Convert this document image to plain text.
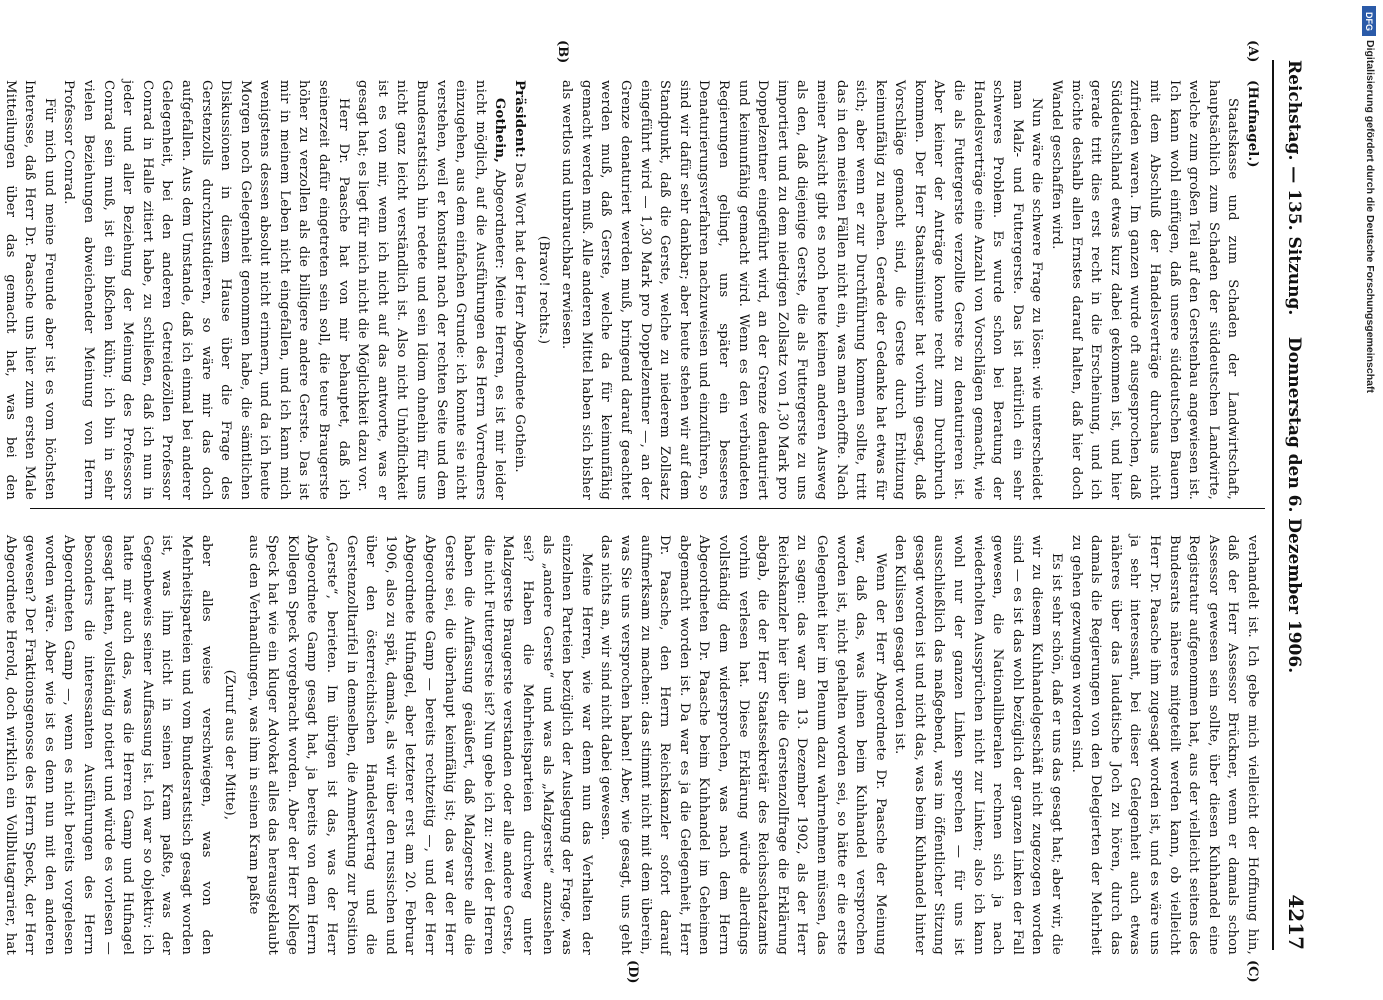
Reichstag. — 135. Sitzung.
Donnerstag den 6. Dezember 1906.
4217
(A)
(B)
(C)
(D)

(Hufnagel.)

Staatskasse und zum Schaden der Landwirtschaft, hauptsächlich zum Schaden der süddeutschen Landwirte, welche zum großen Teil auf den Gerstenbau angewiesen ist. Ich kann wohl einfügen, daß unsere süddeutschen Bauern mit dem Abschluß der Handelsverträge durchaus nicht zufrieden waren. Im ganzen wurde oft ausgesprochen, daß Süddeutschland etwas kurz dabei gekommen ist, und hier gerade tritt dies erst recht in die Erscheinung, und ich möchte deshalb allen Ernstes darauf halten, daß hier doch Wandel geschaffen wird.

Nun wäre die schwere Frage zu lösen: wie unterscheidet man Malz- und Futtergerste. Das ist natürlich ein sehr schweres Problem. Es wurde schon bei Beratung der Handelsverträge eine Anzahl von Vorschlägen gemacht, wie die als Futtergerste verzollte Gerste zu denaturieren ist. Aber keiner der Anträge konnte recht zum Durchbruch kommen. Der Herr Staatsminister hat vorhin gesagt, daß Vorschläge gemacht sind, die Gerste durch Erhitzung keimunfähig zu machen. Gerade der Gedanke hat etwas für sich; aber wenn er zur Durchführung kommen sollte, tritt das in den meisten Fällen nicht ein, was man erhoffte. Nach meiner Ansicht gibt es noch heute keinen anderen Ausweg als den, daß diejenige Gerste, die als Futtergerste zu uns importiert und zu dem niedrigen Zollsatz von 1,30 Mark pro Doppelzentner eingeführt wird, an der Grenze denaturiert und keimunfähig gemacht wird. Wenn es den verbündeten Regierungen gelingt, uns später ein besseres Denaturierungsverfahren nachzuweisen und einzuführen, so sind wir dafür sehr dankbar; aber heute stehen wir auf dem Standpunkt, daß die Gerste, welche zu niederem Zollsatz eingeführt wird — 1,30 Mark pro Doppelzentner —, an der Grenze denaturiert werden muß, bringend darauf geachtet werden muß, daß Gerste, welche da für keimunfähig gemacht werden muß. Alle anderen Mittel haben sich bisher als wertlos und unbrauchbar erwiesen.

(Bravo! rechts.)

Präsident: Das Wort hat der Herr Abgeordnete Gothein.

Gothein, Abgeordneter: Meine Herren, es ist mir leider nicht möglich, auf die Ausführungen des Herrn Vorredners einzugehen, aus dem einfachen Grunde: ich konnte sie nicht verstehen, weil er konstant nach der rechten Seite und dem Bundesratstisch hin redete und sein Idiom ohnehin für uns nicht ganz leicht verständlich ist. Also nicht Unhöflichkeit ist es von mir, wenn ich nicht auf das antworte, was er gesagt hat; es liegt für mich nicht die Möglichkeit dazu vor.

Herr Dr. Paasche hat von mir behauptet, daß ich seinerzeit dafür eingetreten sein soll, die teure Braugerste höher zu verzollen als die billigere andere Gerste. Das ist mir in meinem Leben nicht eingefallen, und ich kann mich wenigstens dessen absolut nicht erinnern, und da ich heute Morgen noch Gelegenheit genommen habe, die sämtlichen Diskussionen in diesem Hause über die Frage des Gerstenzolls durchzustudieren, so wäre mir das doch aufgefallen. Aus dem Umstande, daß ich einmal bei anderer Gelegenheit, bei den anderen Getreidezöllen Professor Conrad in Halle zitiert habe, zu schließen, daß ich nun in jeder und aller Beziehung der Meinung des Professors Conrad sein muß, ist ein bißchen kühn; ich bin in sehr vielen Beziehungen abweichender Meinung von Herrn Professor Conrad.

Für mich und meine Freunde aber ist es vom höchsten Interesse, daß Herr Dr. Paasche uns hier zum ersten Male Mitteilungen über das gemacht hat, was bei den

verhandelt ist. Ich gebe mich vielleicht der Hoffnung hin, daß der Herr Assessor Brückner, wenn er damals schon Assessor gewesen sein sollte, über diesen Kuhhandel eine Registratur aufgenommen hat, aus der vielleicht seitens des Bundesrats näheres mitgeteilt werden kann, ob vielleicht Herr Dr. Paasche ihm zugesagt worden ist, und es wäre uns ja sehr interessant, bei dieser Gelegenheit auch etwas näheres über das laudatische Joch zu hören, durch das damals die Regierungen von den Delegierten der Mehrheit zu gehen gezwungen worden sind.

Es ist sehr schön, daß er uns das gesagt hat; aber wir, die wir zu diesem Kuhhandelgeschäft nicht zugezogen worden sind — es ist das wohl bezüglich der ganzen Linken der Fall gewesen, die Nationalliberalen rechnen sich ja nach wiederholten Aussprüchen nicht zur Linken; also ich kann wohl nur der ganzen Linken sprechen — für uns ist ausschließlich das maßgebend, was im öffentlicher Sitzung gesagt worden ist und nicht das, was beim Kuhhandel hinter den Kulissen gesagt worden ist.

Wenn der Herr Abgeordnete Dr. Paasche der Meinung war, daß das, was ihnen beim Kuhhandel versprochen worden ist, nicht gehalten worden sei, so hätte er die erste Gelegenheit hier im Plenum dazu wahrnehmen müssen, das zu sagen: das war am 13. Dezember 1902, als der Herr Reichskanzler hier über die Gerstenzollfrage die Erklärung abgab, die der Herr Staatssekretär des Reichsschatzamts vorhin verlesen hat. Diese Erklärung würde allerdings vollständig dem widersprochen, was nach dem Herrn Abgeordneten Dr. Paasche beim Kuhhandel im Geheimen abgemacht worden ist. Da war es ja die Gelegenheit, Herr Dr. Paasche, den Herrn Reichskanzler sofort darauf aufmerksam zu machen: das stimmt nicht mit dem überein, was Sie uns versprochen haben! Aber, wie gesagt, uns geht das nichts an, wir sind nicht dabei gewesen.

Meine Herren, wie war denn nun das Verhalten der einzelnen Parteien bezüglich der Auslegung der Frage, was als „andere Gerste“ und was als „Malzgerste“ anzusehen sei? Haben die Mehrheitsparteien durchweg unter Malzgerste Braugerste verstanden oder alle andere Gerste, die nicht Futtergerste ist? Nun gebe ich zu: zwei der Herren haben die Auffassung geäußert, daß Malzgerste alle die Gerste sei, die überhaupt keimfähig ist; das war der Herr Abgeordnete Gamp — bereits rechtzeitig —, und der Herr Abgeordnete Hufnagel, aber letzterer erst am 20. Februar 1906, also zu spät, damals, als wir über den russischen und über den österreichischen Handelsvertrag und die Gerstenzolltarifel in demselben, die Anmerkung zur Position „Gerste“, berieten. Im übrigen ist das, was der Herr Abgeordnete Gamp gesagt hat, ja bereits von dem Herrn Kollegen Speck vorgebracht worden. Aber der Herr Kollege Speck hat wie ein kluger Advokat alles das herausgeklaubt aus den Verhandlungen, was ihm in seinen Kram paßte

(Zuruf aus der Mitte),

aber alles weise verschwiegen, was von den Mehrheitsparteien und vom Bundesratstisch gesagt worden ist, was ihm nicht in seinen Kram paßte, was der Gegenbeweis seiner Auffassung ist. Ich war so objektiv: ich hatte mir auch das, was die Herren Gamp und Hufnagel gesagt hatten, vollständig notiert und würde es vorlesen — besonders die interessanten Ausführungen des Herrn Abgeordneten Gamp —, wenn es nicht bereits vorgelesen worden wäre. Aber wie ist es denn nun mit den anderen gewesen? Der Fraktionsgenosse des Herrn Speck, der Herr Abgeordnete Herold, doch wirklich ein Vollblutagrarier, hat

DFG
Digitalisierung gefördert durch die Deutsche Forschungsgemeinschaft
